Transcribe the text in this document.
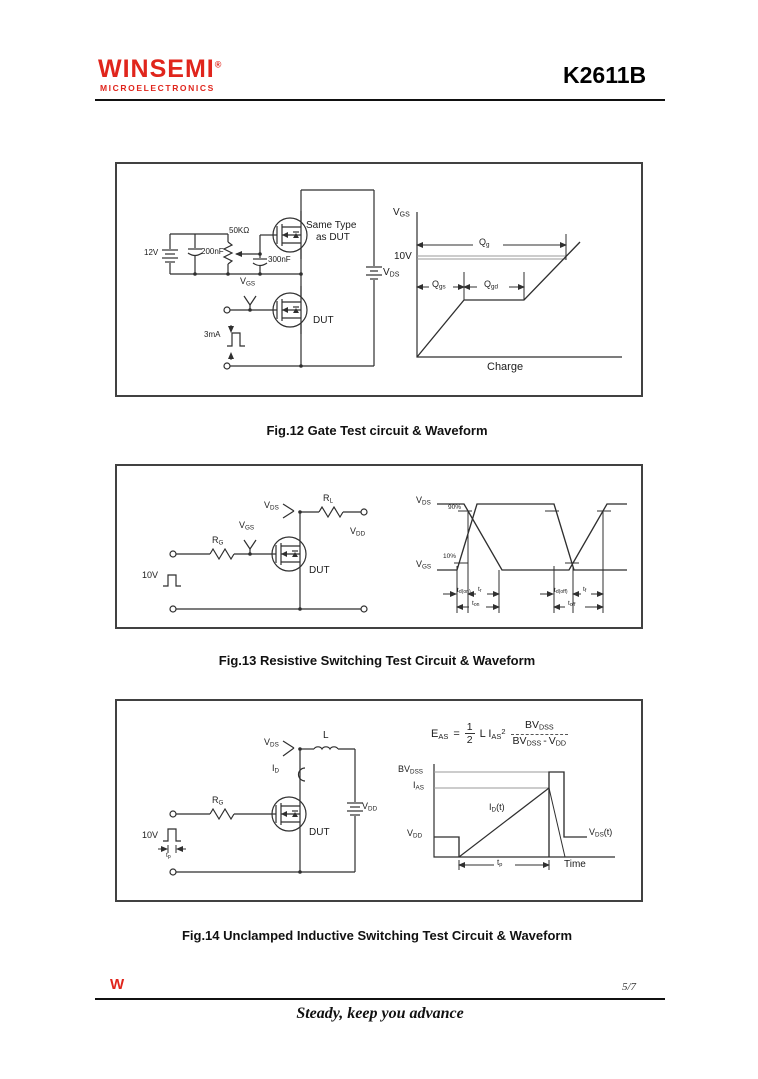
WINSEMI®
MICROELECTRONICS	K2611B
12V	200nF
50KΩ
300nF
Same Type
as DUT
$V_{GS}$
DUT
3mA
$V_{DS}$
$V_{GS}$
10V
$Q_g$
$Q_{gs}$	$Q_{gd}$
Charge
Fig.12 Gate Test circuit & Waveform
10V
$R_G$
$V_{GS}$
$V_{DS}$
$R_L$
$V_{DD}$
DUT
$V_{DS}$
90%
$V_{GS}$
10%
$t_{d(on)}$ $t_r$
$t_{on}$
$t_{d(off)}$ $t_f$
$t_{off}$
Fig.13 Resistive Switching Test Circuit & Waveform
$E_{AS} = \frac{1}{2}$ L $I_{AS}^2$
$BV_{DSS}$
$BV_{DSS} - V_{DD}$
10V
$t_p$
$R_G$
$V_{DS}$
$I_D$
L
$V_{DD}$
DUT
$BV_{DSS}$
$I_{AS}$
$V_{DD}$
$I_D(t)$
$V_{DS}(t)$
$t_p$	Time
Fig.14 Unclamped Inductive Switching Test Circuit & Waveform
W	5/7
Steady, keep you advance
